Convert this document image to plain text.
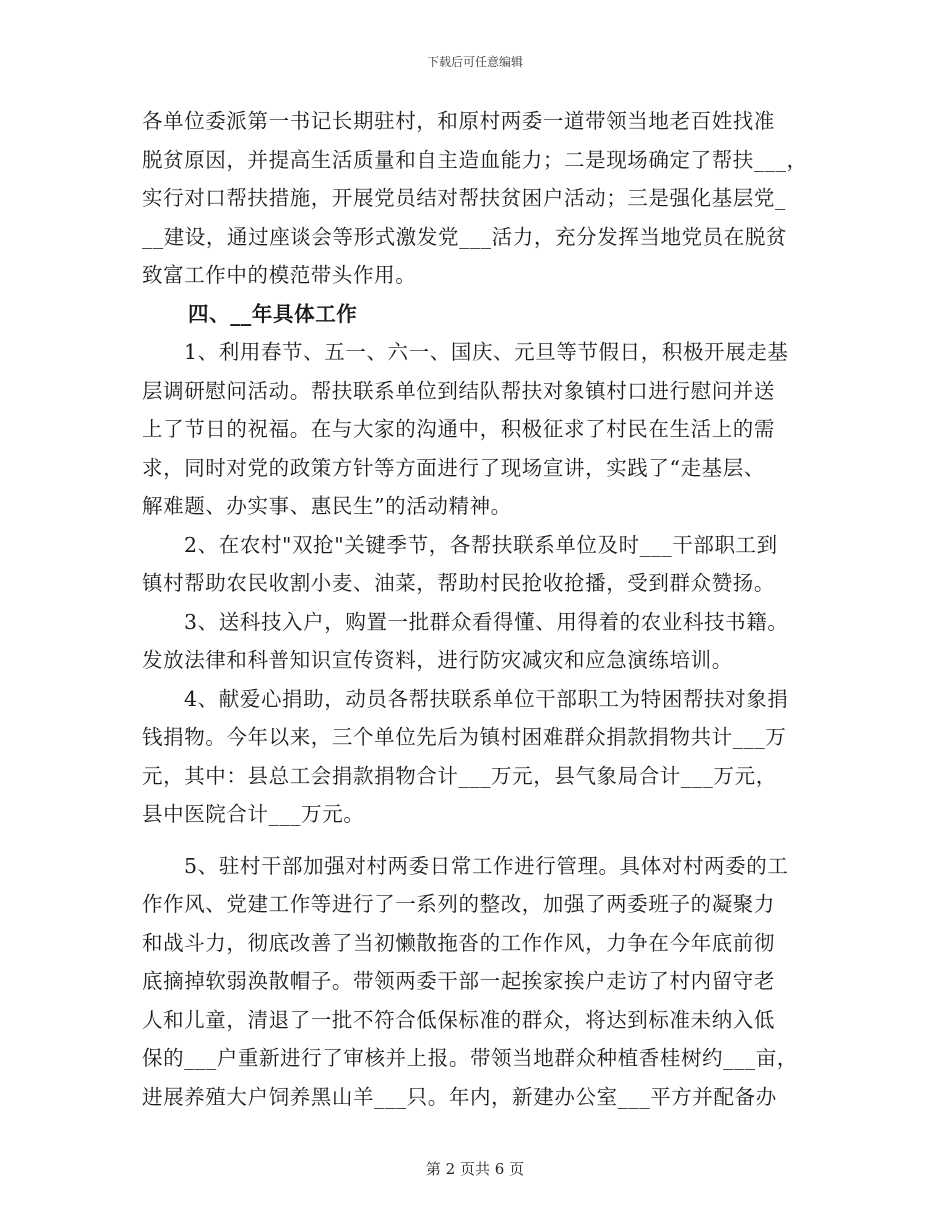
下载后可任意编辑
各单位委派第一书记长期驻村，和原村两委一道带领当地老百姓找准
脱贫原因，并提高生活质量和自主造血能力；二是现场确定了帮扶___，
实行对口帮扶措施，开展党员结对帮扶贫困户活动；三是强化基层党_
__建设，通过座谈会等形式激发党___活力，充分发挥当地党员在脱贫
致富工作中的模范带头作用。
四、__年具体工作
1、利用春节、五一、六一、国庆、元旦等节假日，积极开展走基
层调研慰问活动。帮扶联系单位到结队帮扶对象镇村口进行慰问并送
上了节日的祝福。在与大家的沟通中，积极征求了村民在生活上的需
求，同时对党的政策方针等方面进行了现场宣讲，实践了“走基层、
解难题、办实事、惠民生”的活动精神。
2、在农村"双抢"关键季节，各帮扶联系单位及时___干部职工到
镇村帮助农民收割小麦、油菜，帮助村民抢收抢播，受到群众赞扬。
3、送科技入户，购置一批群众看得懂、用得着的农业科技书籍。
发放法律和科普知识宣传资料，进行防灾减灾和应急演练培训。
4、献爱心捐助，动员各帮扶联系单位干部职工为特困帮扶对象捐
钱捐物。今年以来，三个单位先后为镇村困难群众捐款捐物共计___万
元，其中：县总工会捐款捐物合计___万元，县气象局合计___万元，
县中医院合计___万元。
5、驻村干部加强对村两委日常工作进行管理。具体对村两委的工
作作风、党建工作等进行了一系列的整改，加强了两委班子的凝聚力
和战斗力，彻底改善了当初懒散拖沓的工作作风，力争在今年底前彻
底摘掉软弱涣散帽子。带领两委干部一起挨家挨户走访了村内留守老
人和儿童，清退了一批不符合低保标准的群众，将达到标准未纳入低
保的___户重新进行了审核并上报。带领当地群众种植香桂树约___亩，
进展养殖大户饲养黑山羊___只。年内，新建办公室___平方并配备办
第 2 页共 6 页
